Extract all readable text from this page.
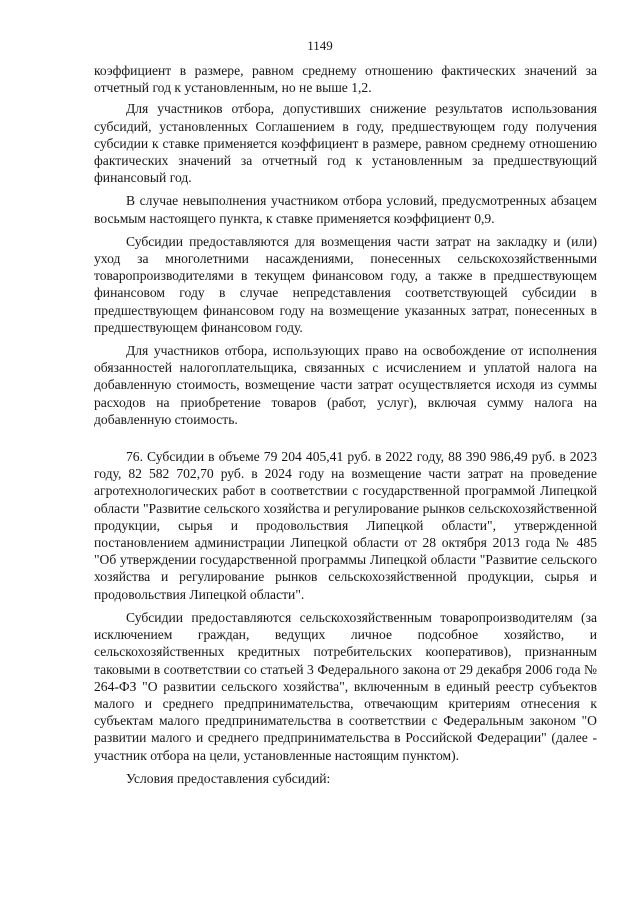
1149

коэффициент в размере, равном среднему отношению фактических значений за отчетный год к установленным, но не выше 1,2.

Для участников отбора, допустивших снижение результатов использования субсидий, установленных Соглашением в году, предшествующем году получения субсидии к ставке применяется коэффициент в размере, равном среднему отношению фактических значений за отчетный год к установленным за предшествующий финансовый год.

В случае невыполнения участником отбора условий, предусмотренных абзацем восьмым настоящего пункта, к ставке применяется коэффициент 0,9.

Субсидии предоставляются для возмещения части затрат на закладку и (или) уход за многолетними насаждениями, понесенных сельскохозяйственными товаропроизводителями в текущем финансовом году, а также в предшествующем финансовом году в случае непредставления соответствующей субсидии в предшествующем финансовом году на возмещение указанных затрат, понесенных в предшествующем финансовом году.

Для участников отбора, использующих право на освобождение от исполнения обязанностей налогоплательщика, связанных с исчислением и уплатой налога на добавленную стоимость, возмещение части затрат осуществляется исходя из суммы расходов на приобретение товаров (работ, услуг), включая сумму налога на добавленную стоимость.

76. Субсидии в объеме 79 204 405,41 руб. в 2022 году, 88 390 986,49 руб. в 2023 году, 82 582 702,70 руб. в 2024 году на возмещение части затрат на проведение агротехнологических работ в соответствии с государственной программой Липецкой области "Развитие сельского хозяйства и регулирование рынков сельскохозяйственной продукции, сырья и продовольствия Липецкой области", утвержденной постановлением администрации Липецкой области от 28 октября 2013 года № 485 "Об утверждении государственной программы Липецкой области "Развитие сельского хозяйства и регулирование рынков сельскохозяйственной продукции, сырья и продовольствия Липецкой области".

Субсидии предоставляются сельскохозяйственным товаропроизводителям (за исключением граждан, ведущих личное подсобное хозяйство, и сельскохозяйственных кредитных потребительских кооперативов), признанным таковыми в соответствии со статьей 3 Федерального закона от 29 декабря 2006 года № 264-ФЗ "О развитии сельского хозяйства", включенным в единый реестр субъектов малого и среднего предпринимательства, отвечающим критериям отнесения к субъектам малого предпринимательства в соответствии с Федеральным законом "О развитии малого и среднего предпринимательства в Российской Федерации" (далее - участник отбора на цели, установленные настоящим пунктом).

Условия предоставления субсидий:
